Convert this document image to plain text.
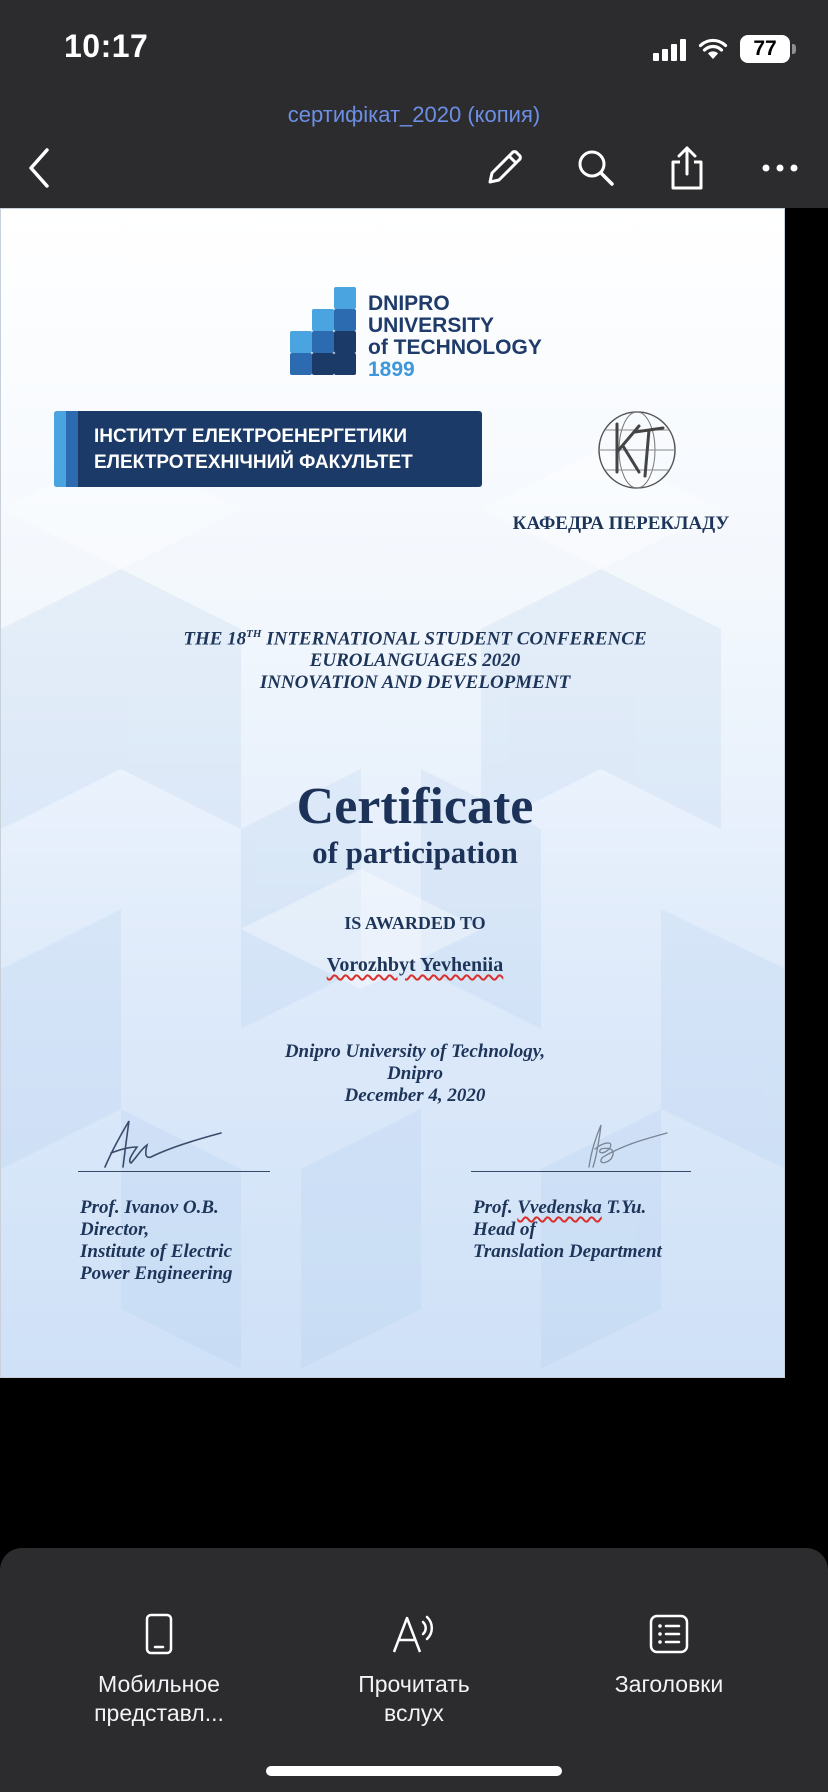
10:17	77
сертифікат_2020 (копия)
DNIPRO
UNIVERSITY
of TECHNOLOGY
1899
ІНСТИТУТ ЕЛЕКТРОЕНЕРГЕТИКИ
ЕЛЕКТРОТЕХНІЧНИЙ ФАКУЛЬТЕТ
КАФЕДРА ПЕРЕКЛАДУ
THE 18TH INTERNATIONAL STUDENT CONFERENCE
EUROLANGUAGES 2020
INNOVATION AND DEVELOPMENT
Certificate
of participation
IS AWARDED TO
Vorozhbyt Yevheniia
Dnipro University of Technology,
Dnipro
December 4, 2020
Prof. Ivanov O.B.
Director,
Institute of Electric
Power Engineering
Prof. Vvedenska T.Yu.
Head of
Translation Department
Мобильное
представл...
Прочитать
вслух
Заголовки
